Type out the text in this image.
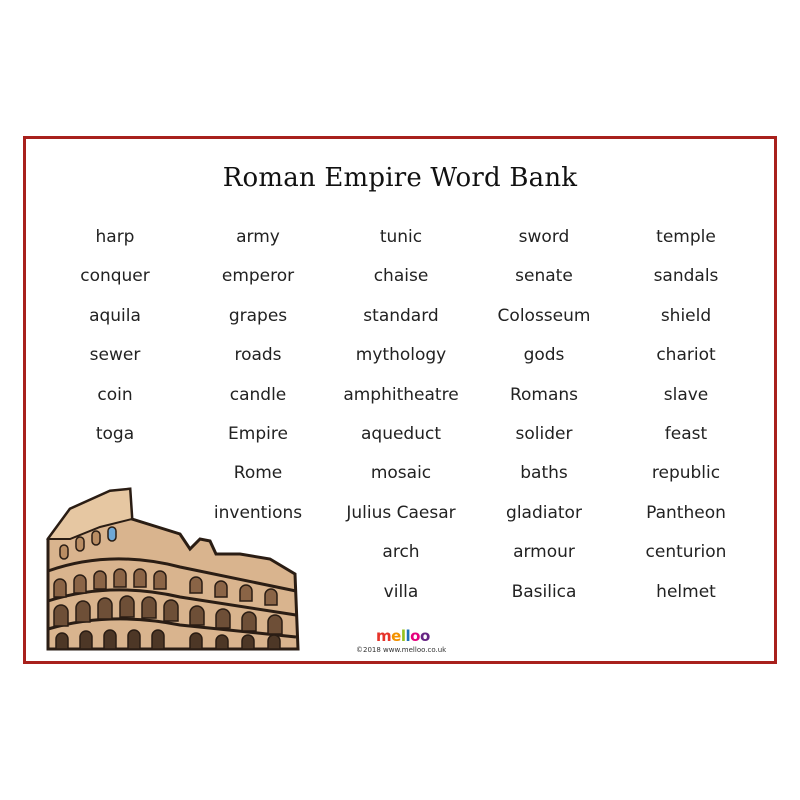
Roman Empire Word Bank
harp
conquer
aquila
sewer
coin
toga
army
emperor
grapes
roads
candle
Empire
Rome
inventions
tunic
chaise
standard
mythology
amphitheatre
aqueduct
mosaic
Julius Caesar
arch
villa
sword
senate
Colosseum
gods
Romans
solider
baths
gladiator
armour
Basilica
temple
sandals
shield
chariot
slave
feast
republic
Pantheon
centurion
helmet
melloo
©2018 www.melloo.co.uk
